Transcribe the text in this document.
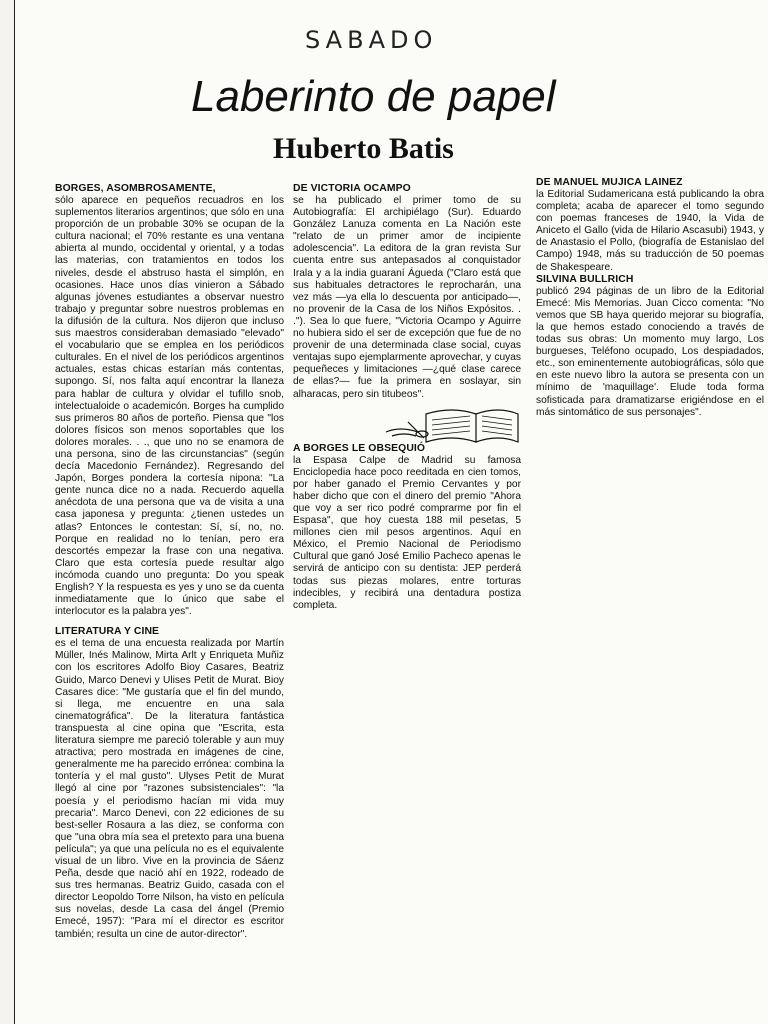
SABADO
Laberinto de papel
Huberto Batis
BORGES, ASOMBROSAMENTE,

sólo aparece en pequeños recuadros en los suplementos literarios argentinos; que sólo en una proporción de un probable 30% se ocupan de la cultura nacional; el 70% restante es una ventana abierta al mundo, occidental y oriental, y a todas las materias, con tratamientos en todos los niveles, desde el abstruso hasta el simplón, en ocasiones. Hace unos días vinieron a Sábado algunas jóvenes estudiantes a observar nuestro trabajo y preguntar sobre nuestros problemas en la difusión de la cultura. Nos dijeron que incluso sus maestros consideraban demasiado "elevado" el vocabulario que se emplea en los periódicos culturales. En el nivel de los periódicos argentinos actuales, estas chicas estarían más contentas, supongo. Sí, nos falta aquí encontrar la llaneza para hablar de cultura y olvidar el tufillo snob, intelectualoide o academicón. Borges ha cumplido sus primeros 80 años de porteño. Piensa que "los dolores físicos son menos soportables que los dolores morales. . ., que uno no se enamora de una persona, sino de las circunstancias" (según decía Macedonio Fernández). Regresando del Japón, Borges pondera la cortesía nipona: "La gente nunca dice no a nada. Recuerdo aquella anécdota de una persona que va de visita a una casa japonesa y pregunta: ¿tienen ustedes un atlas? Entonces le contestan: Sí, sí, no, no. Porque en realidad no lo tenían, pero era descortés empezar la frase con una negativa. Claro que esta cortesía puede resultar algo incómoda cuando uno pregunta: Do you speak English? Y la respuesta es yes y uno se da cuenta inmediatamente que lo único que sabe el interlocutor es la palabra yes".

LITERATURA Y CINE

es el tema de una encuesta realizada por Martín Müller, Inés Malinow, Mirta Arlt y Enriqueta Muñiz con los escritores Adolfo Bioy Casares, Beatriz Guido, Marco Denevi y Ulises Petit de Murat. Bioy Casares dice: "Me gustaría que el fin del mundo, si llega, me encuentre en una sala cinematográfica". De la literatura fantástica transpuesta al cine opina que "Escrita, esta literatura siempre me pareció tolerable y aun muy atractiva; pero mostrada en imágenes de cine, generalmente me ha parecido errónea: combina la tontería y el mal gusto". Ulyses Petit de Murat llegó al cine por "razones subsistenciales": "la poesía y el periodismo hacían mi vida muy precaria". Marco Denevi, con 22 ediciones de su best-seller Rosaura a las diez, se conforma con que "una obra mía sea el pretexto para una buena película"; ya que una película no es el equivalente visual de un libro. Vive en la provincia de Sáenz Peña, desde que nació ahí en 1922, rodeado de sus tres hermanas. Beatriz Guido, casada con el director Leopoldo Torre Nilson, ha visto en película sus novelas, desde La casa del ángel (Premio Emecé, 1957): "Para mí el director es escritor también; resulta un cine de autor-director".

DE VICTORIA OCAMPO

se ha publicado el primer tomo de su Autobiografía: El archipiélago (Sur). Eduardo González Lanuza comenta en La Nación este "relato de un primer amor de incipiente adolescencia". La editora de la gran revista Sur cuenta entre sus antepasados al conquistador Irala y a la india guaraní Águeda ("Claro está que sus habituales detractores le reprocharán, una vez más —ya ella lo descuenta por anticipado—, no provenir de la Casa de los Niños Expósitos. . ."). Sea lo que fuere, "Victoria Ocampo y Aguirre no hubiera sido el ser de excepción que fue de no provenir de una determinada clase social, cuyas ventajas supo ejemplarmente aprovechar, y cuyas pequeñeces y limitaciones —¿qué clase carece de ellas?— fue la primera en soslayar, sin alharacas, pero sin titubeos".

A BORGES LE OBSEQUIÓ

la Espasa Calpe de Madrid su famosa Enciclopedia hace poco reeditada en cien tomos, por haber ganado el Premio Cervantes y por haber dicho que con el dinero del premio "Ahora que voy a ser rico podré comprarme por fin el Espasa", que hoy cuesta 188 mil pesetas, 5 millones cien mil pesos argentinos. Aquí en México, el Premio Nacional de Periodismo Cultural que ganó José Emilio Pacheco apenas le servirá de anticipo con su dentista: JEP perderá todas sus piezas molares, entre torturas indecibles, y recibirá una dentadura postiza completa.

DE MANUEL MUJICA LAINEZ

la Editorial Sudamericana está publicando la obra completa; acaba de aparecer el tomo segundo con poemas franceses de 1940, la Vida de Aniceto el Gallo (vida de Hilario Ascasubi) 1943, y de Anastasio el Pollo, (biografía de Estanislao del Campo) 1948, más su traducción de 50 poemas de Shakespeare.

SILVINA BULLRICH

publicó 294 páginas de un libro de la Editorial Emecé: Mis Memorias. Juan Cicco comenta: "No vemos que SB haya querido mejorar su biografía, la que hemos estado conociendo a través de todas sus obras: Un momento muy largo, Los burgueses, Teléfono ocupado, Los despiadados, etc., son eminentemente autobiográficas, sólo que en este nuevo libro la autora se presenta con un mínimo de 'maquillage'. Elude toda forma sofisticada para dramatizarse erigiéndose en el más sintomático de sus personajes".
